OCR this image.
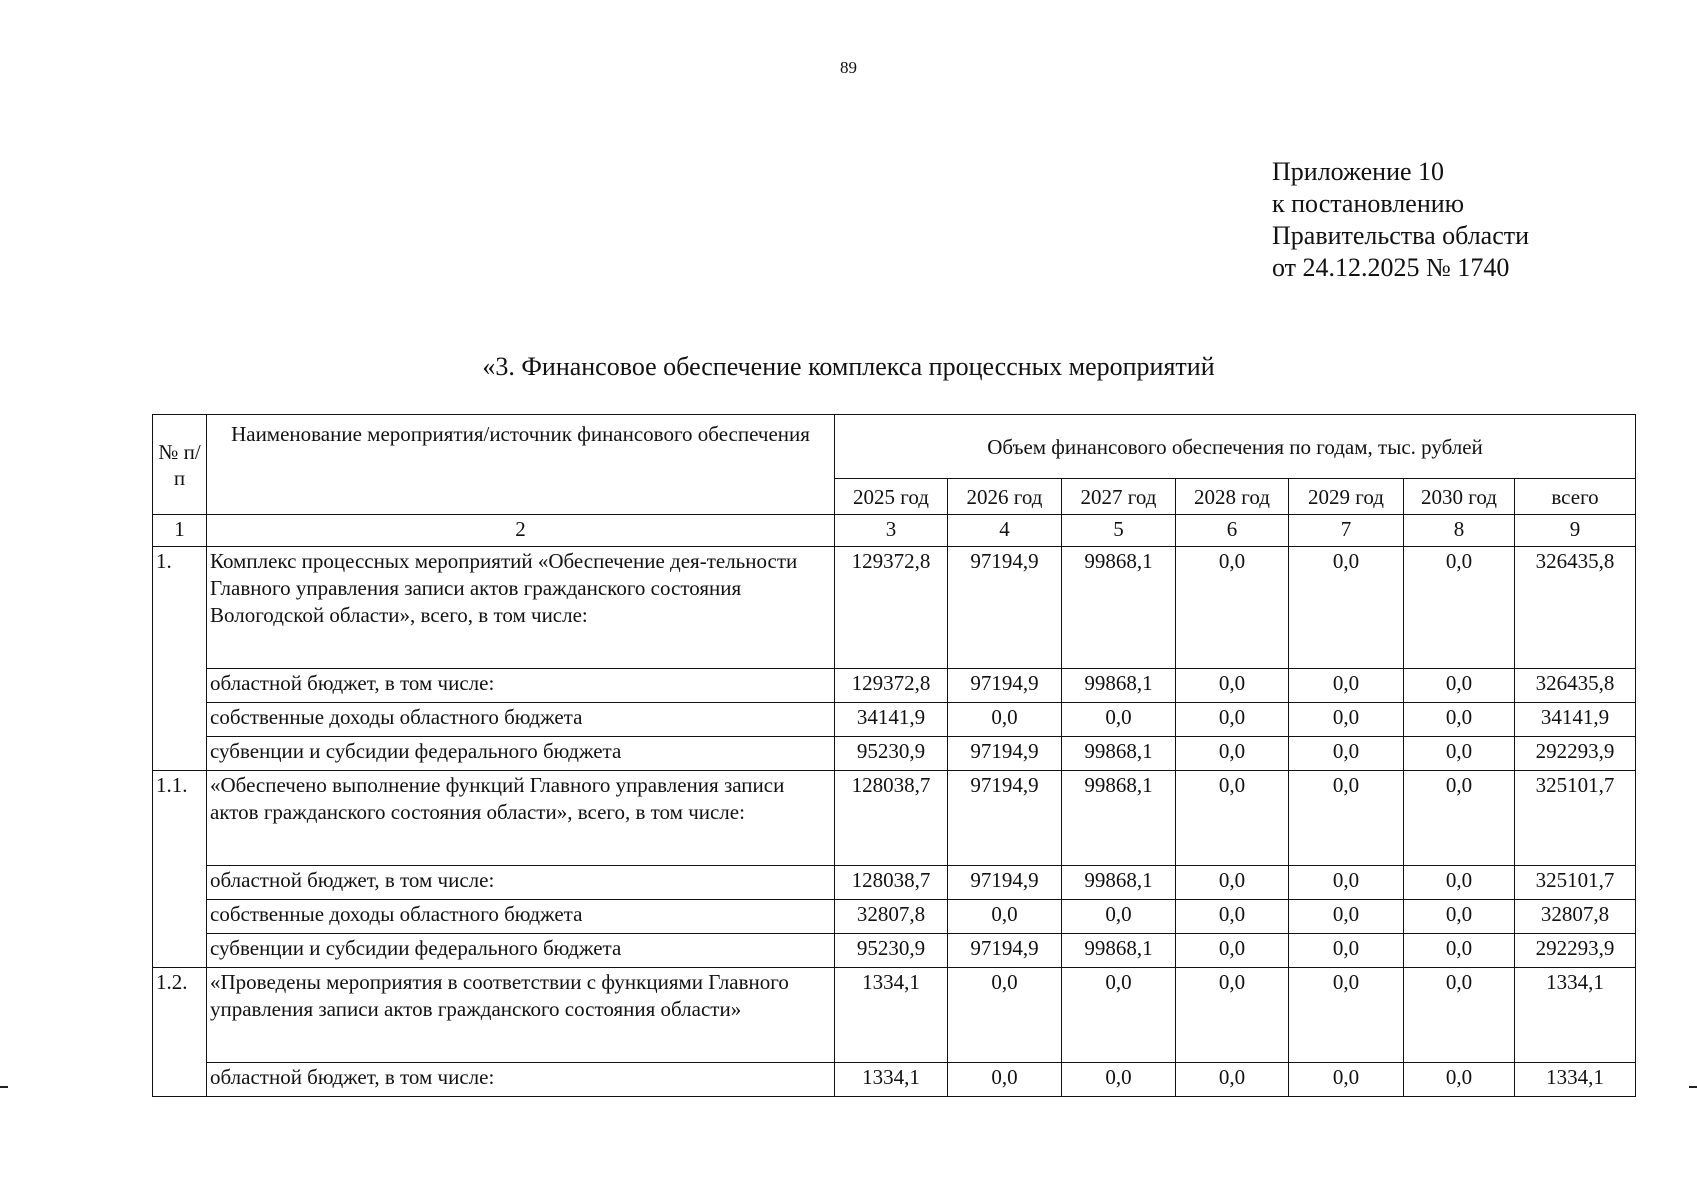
89
Приложение 10
к постановлению
Правительства области
от 24.12.2025 № 1740
«3. Финансовое обеспечение комплекса процессных мероприятий
№ п/п	Наименование мероприятия/источник финансового обеспечения	Объем финансового обеспечения по годам, тыс. рублей						
		2025 год	2026 год	2027 год	2028 год	2029 год	2030 год	всего
1	2	3	4	5	6	7	8	9
1.	Комплекс процессных мероприятий «Обеспечение дея-тельности Главного управления записи актов гражданского состояния Вологодской области», всего, в том числе:	129372,8	97194,9	99868,1	0,0	0,0	0,0	326435,8
	областной бюджет, в том числе:	129372,8	97194,9	99868,1	0,0	0,0	0,0	326435,8
	собственные доходы областного бюджета	34141,9	0,0	0,0	0,0	0,0	0,0	34141,9
	субвенции и субсидии федерального бюджета	95230,9	97194,9	99868,1	0,0	0,0	0,0	292293,9
1.1.	«Обеспечено выполнение функций Главного управления записи актов гражданского состояния области», всего, в том числе:	128038,7	97194,9	99868,1	0,0	0,0	0,0	325101,7
	областной бюджет, в том числе:	128038,7	97194,9	99868,1	0,0	0,0	0,0	325101,7
	собственные доходы областного бюджета	32807,8	0,0	0,0	0,0	0,0	0,0	32807,8
	субвенции и субсидии федерального бюджета	95230,9	97194,9	99868,1	0,0	0,0	0,0	292293,9
1.2.	«Проведены мероприятия в соответствии с функциями Главного управления записи актов гражданского состояния области»	1334,1	0,0	0,0	0,0	0,0	0,0	1334,1
	областной бюджет, в том числе:	1334,1	0,0	0,0	0,0	0,0	0,0	1334,1
